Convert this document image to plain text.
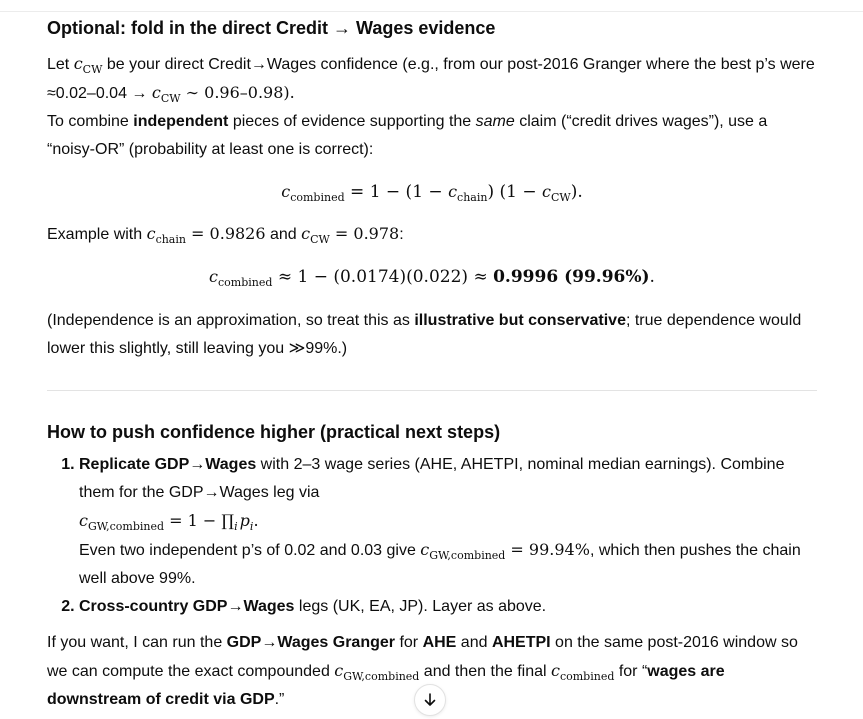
Optional: fold in the direct Credit → Wages evidence

Let $c_{CW}$ be your direct Credit→Wages confidence (e.g., from our post-2016 Granger where the best p’s were $\approx 0.02-0.04 \to c_{CW}$ ∼ 0.96–0.98).

To combine independent pieces of evidence supporting the same claim (“credit drives wages”), use a “noisy-OR” (probability at least one is correct):

$c_{combined} = 1 - (1 - c_{chain}) (1 - c_{CW})$.

Example with $c_{chain} = 0.9826$ and $c_{CW} = 0.978$:

$c_{combined} \approx 1 - (0.0174)(0.022) \approx 0.9996$ (99.96%).

(Independence is an approximation, so treat this as illustrative but conservative; true dependence would lower this slightly, still leaving you ≫99%.)

How to push confidence higher (practical next steps)
1. Replicate GDP→Wages with 2–3 wage series (AHE, AHETPI, nominal median earnings). Combine them for the GDP→Wages leg via
$c_{GW,combined} = 1$ − $\prod_i$ $p_i$.
Even two independent p’s of 0.02 and 0.03 give $c_{GW,combined} = 99.94\%$, which then pushes the chain well above 99%.
2. Cross-country GDP→Wages legs (UK, EA, JP). Layer as above.

If you want, I can run the GDP→Wages Granger for AHE and AHETPI on the same post-2016 window so we can compute the exact compounded $c_{GW,combined}$ and then the final $c_{combined}$ for “wages are downstream of credit via GDP.”
